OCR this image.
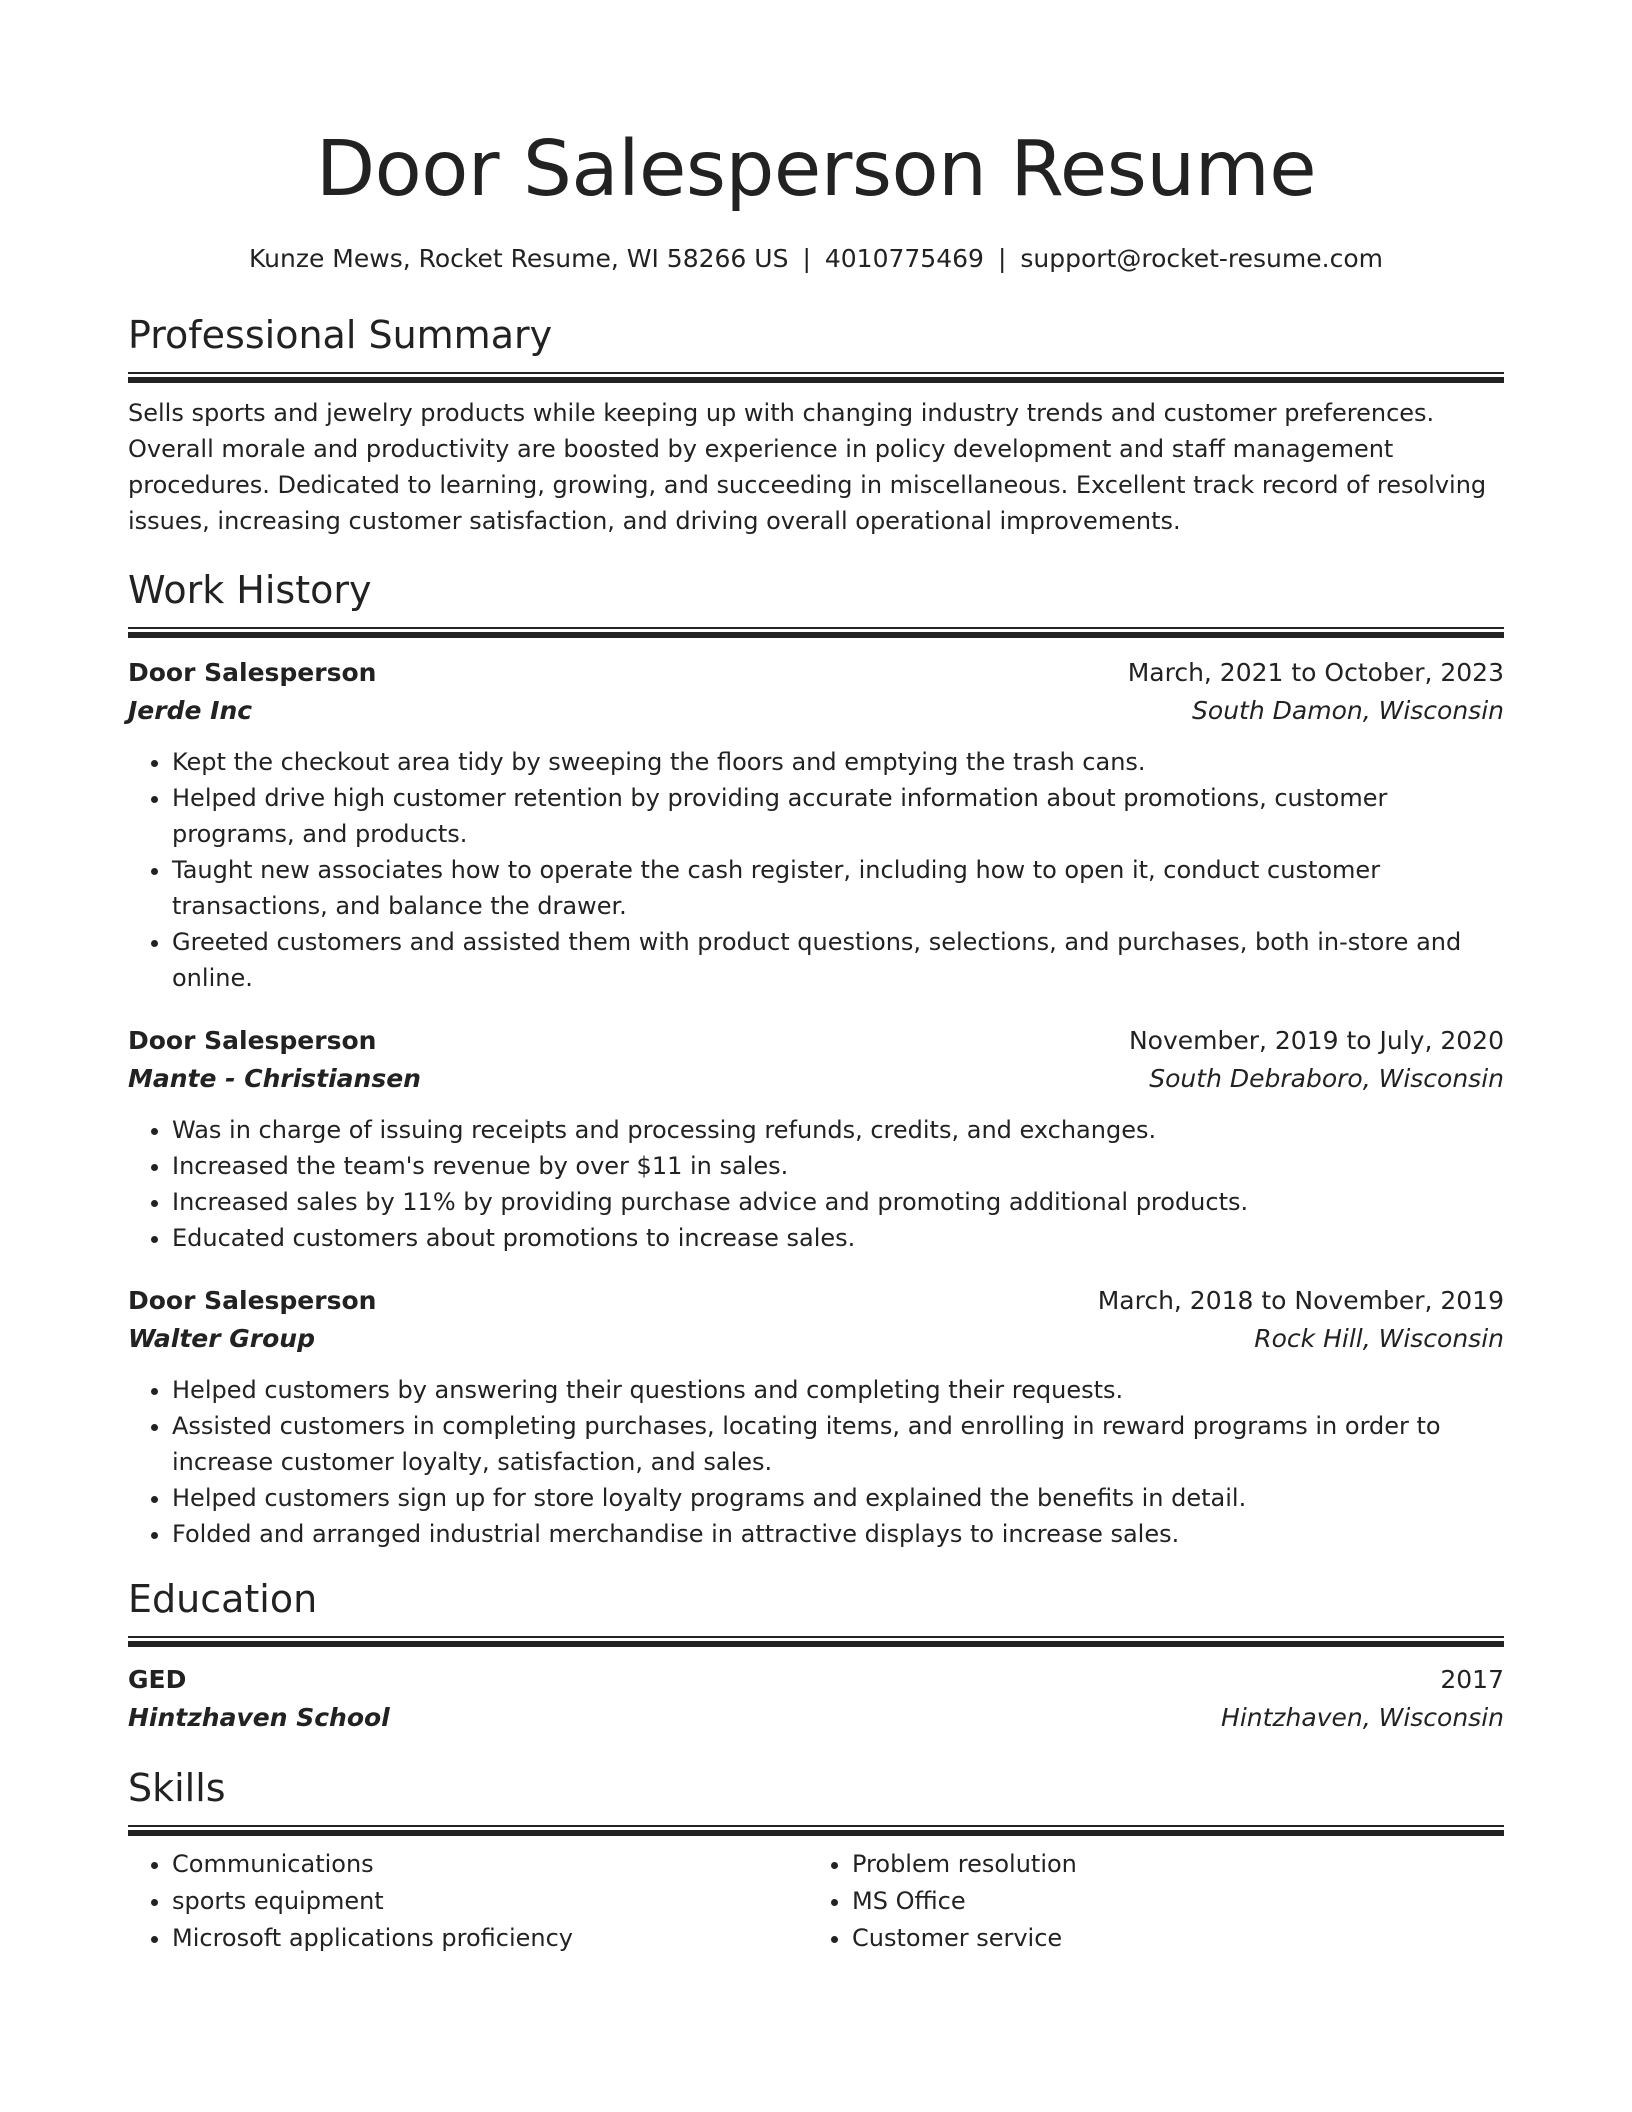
Door Salesperson Resume
Kunze Mews, Rocket Resume, WI 58266 US | 4010775469 | support@rocket-resume.com
Professional Summary
Sells sports and jewelry products while keeping up with changing industry trends and customer preferences. Overall morale and productivity are boosted by experience in policy development and staff management procedures. Dedicated to learning, growing, and succeeding in miscellaneous. Excellent track record of resolving issues, increasing customer satisfaction, and driving overall operational improvements.
Work History
Door Salesperson	March, 2021 to October, 2023
Jerde Inc	South Damon, Wisconsin
• Kept the checkout area tidy by sweeping the floors and emptying the trash cans.
• Helped drive high customer retention by providing accurate information about promotions, customer programs, and products.
• Taught new associates how to operate the cash register, including how to open it, conduct customer transactions, and balance the drawer.
• Greeted customers and assisted them with product questions, selections, and purchases, both in-store and online.
Door Salesperson	November, 2019 to July, 2020
Mante - Christiansen	South Debraboro, Wisconsin
• Was in charge of issuing receipts and processing refunds, credits, and exchanges.
• Increased the team's revenue by over $11 in sales.
• Increased sales by 11% by providing purchase advice and promoting additional products.
• Educated customers about promotions to increase sales.
Door Salesperson	March, 2018 to November, 2019
Walter Group	Rock Hill, Wisconsin
• Helped customers by answering their questions and completing their requests.
• Assisted customers in completing purchases, locating items, and enrolling in reward programs in order to increase customer loyalty, satisfaction, and sales.
• Helped customers sign up for store loyalty programs and explained the benefits in detail.
• Folded and arranged industrial merchandise in attractive displays to increase sales.
Education
GED	2017
Hintzhaven School	Hintzhaven, Wisconsin
Skills
• Communications
• sports equipment
• Microsoft applications proficiency
• Problem resolution
• MS Office
• Customer service
